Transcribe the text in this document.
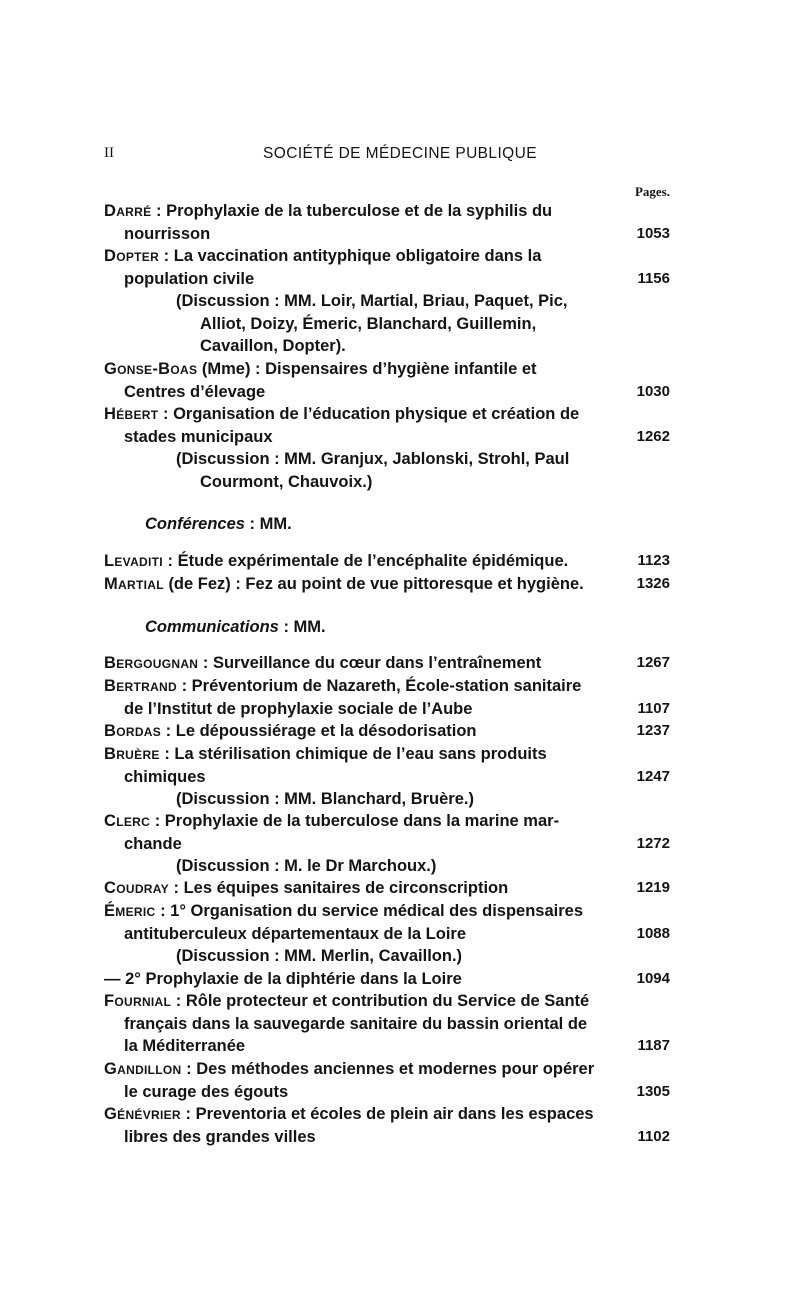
II	SOCIÉTÉ DE MÉDECINE PUBLIQUE
Pages.
Darré : Prophylaxie de la tuberculose et de la syphilis du
nourrisson . . .	1053
Dopter : La vaccination antityphique obligatoire dans la
population civile . . .	1156
(Discussion : MM. Loir, Martial, Briau, Paquet, Pic,
Alliot, Doizy, Émeric, Blanchard, Guillemin,
Cavaillon, Dopter).
Gonse-Boas (Mme) : Dispensaires d’hygiène infantile et
Centres d’élevage . . .	1030
Hébert : Organisation de l’éducation physique et création de
stades municipaux . . .	1262
(Discussion : MM. Granjux, Jablonski, Strohl, Paul
Courmont, Chauvoix.)
Conférences : MM.
Levaditi : Étude expérimentale de l’encéphalite épidémique.	1123
Martial (de Fez) : Fez au point de vue pittoresque et hygiène.	1326
Communications : MM.
Bergougnan : Surveillance du cœur dans l’entraînement . . .	1267
Bertrand : Préventorium de Nazareth, École-station sanitaire
de l’Institut de prophylaxie sociale de l’Aube . . .	1107
Bordas : Le dépoussiérage et la désodorisation . . .	1237
Bruère : La stérilisation chimique de l’eau sans produits
chimiques . . .	1247
(Discussion : MM. Blanchard, Bruère.)
Clerc : Prophylaxie de la tuberculose dans la marine mar-
chande . . .	1272
(Discussion : M. le Dr Marchoux.)
Coudray : Les équipes sanitaires de circonscription . . .	1219
Émeric : 1° Organisation du service médical des dispensaires
antituberculeux départementaux de la Loire . . .	1088
(Discussion : MM. Merlin, Cavaillon.)
— 2° Prophylaxie de la diphtérie dans la Loire . . .	1094
Fournial : Rôle protecteur et contribution du Service de Santé
français dans la sauvegarde sanitaire du bassin oriental de
la Méditerranée . . .	1187
Gandillon : Des méthodes anciennes et modernes pour opérer
le curage des égouts . . .	1305
Génévrier : Preventoria et écoles de plein air dans les espaces
libres des grandes villes . . .	1102
